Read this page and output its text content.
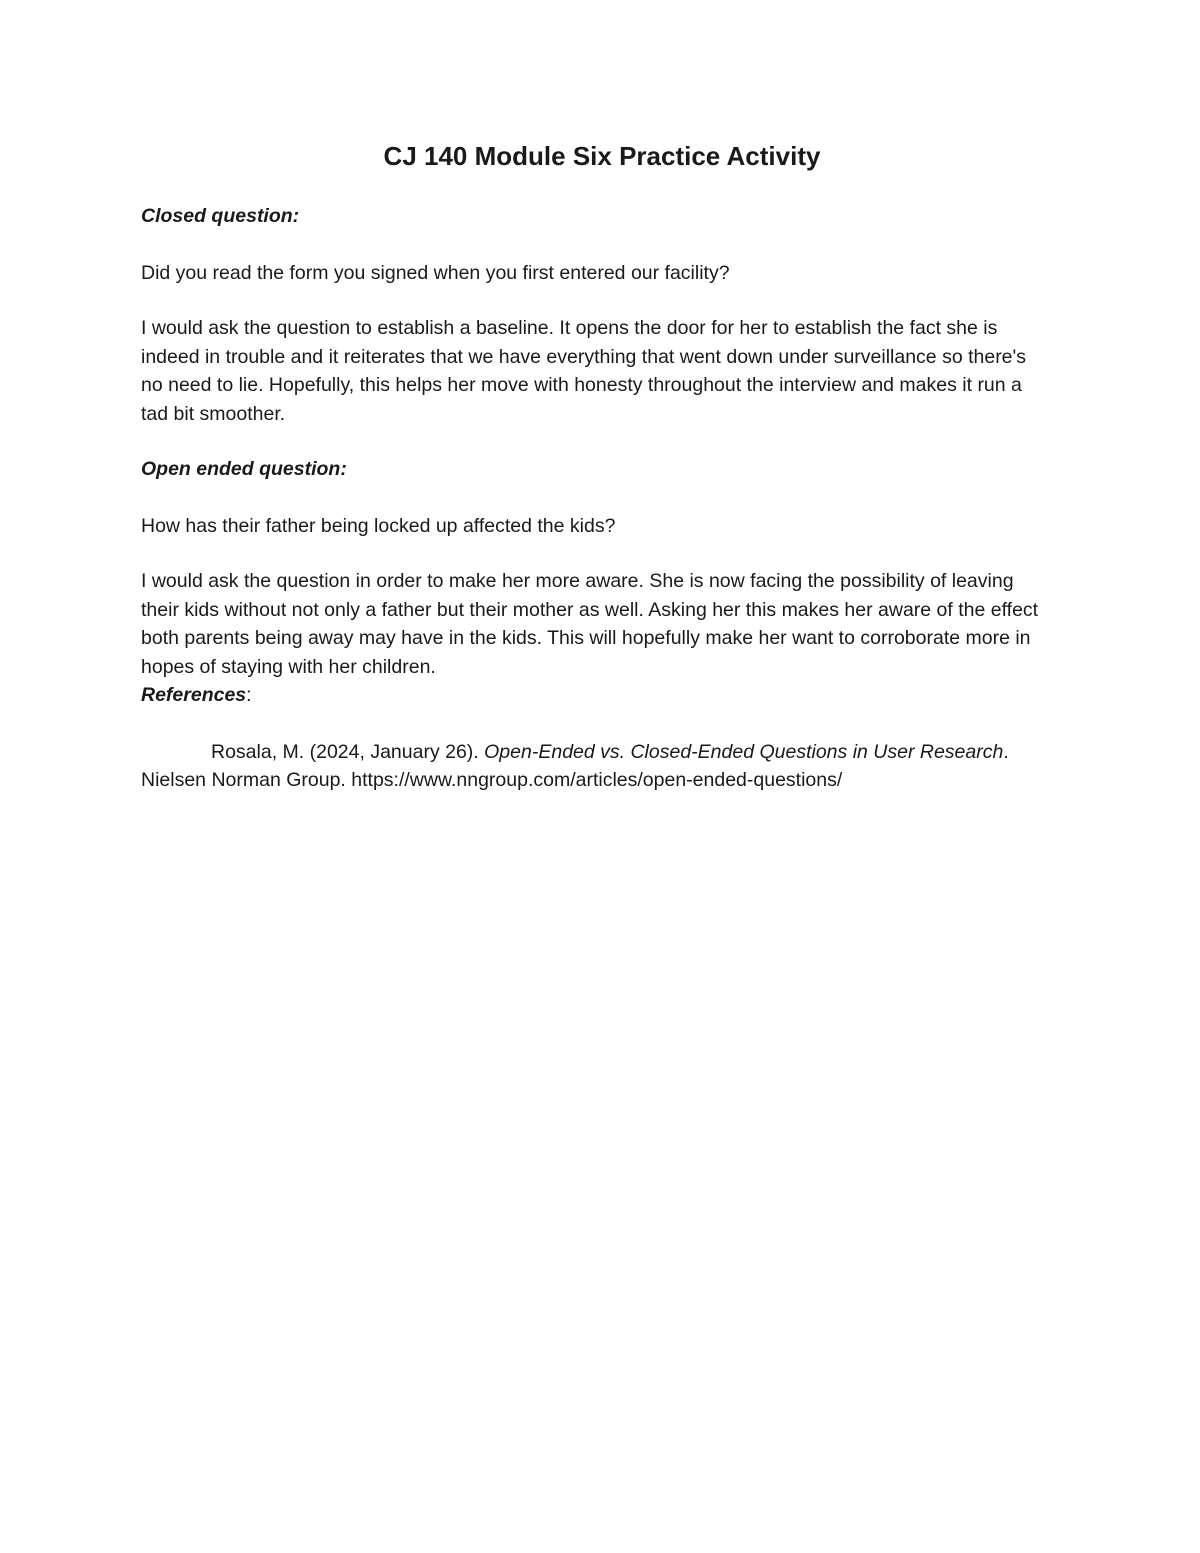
CJ 140 Module Six Practice Activity

Closed question:

Did you read the form you signed when you first entered our facility?

I would ask the question to establish a baseline. It opens the door for her to establish the fact she is indeed in trouble and it reiterates that we have everything that went down under surveillance so there's no need to lie. Hopefully, this helps her move with honesty throughout the interview and makes it run a tad bit smoother.

Open ended question:

How has their father being locked up affected the kids?

I would ask the question in order to make her more aware. She is now facing the possibility of leaving their kids without not only a father but their mother as well. Asking her this makes her aware of the effect both parents being away may have in the kids. This will hopefully make her want to corroborate more in hopes of staying with her children.

References:

Rosala, M. (2024, January 26). Open-Ended vs. Closed-Ended Questions in User Research. Nielsen Norman Group. https://www.nngroup.com/articles/open-ended-questions/
